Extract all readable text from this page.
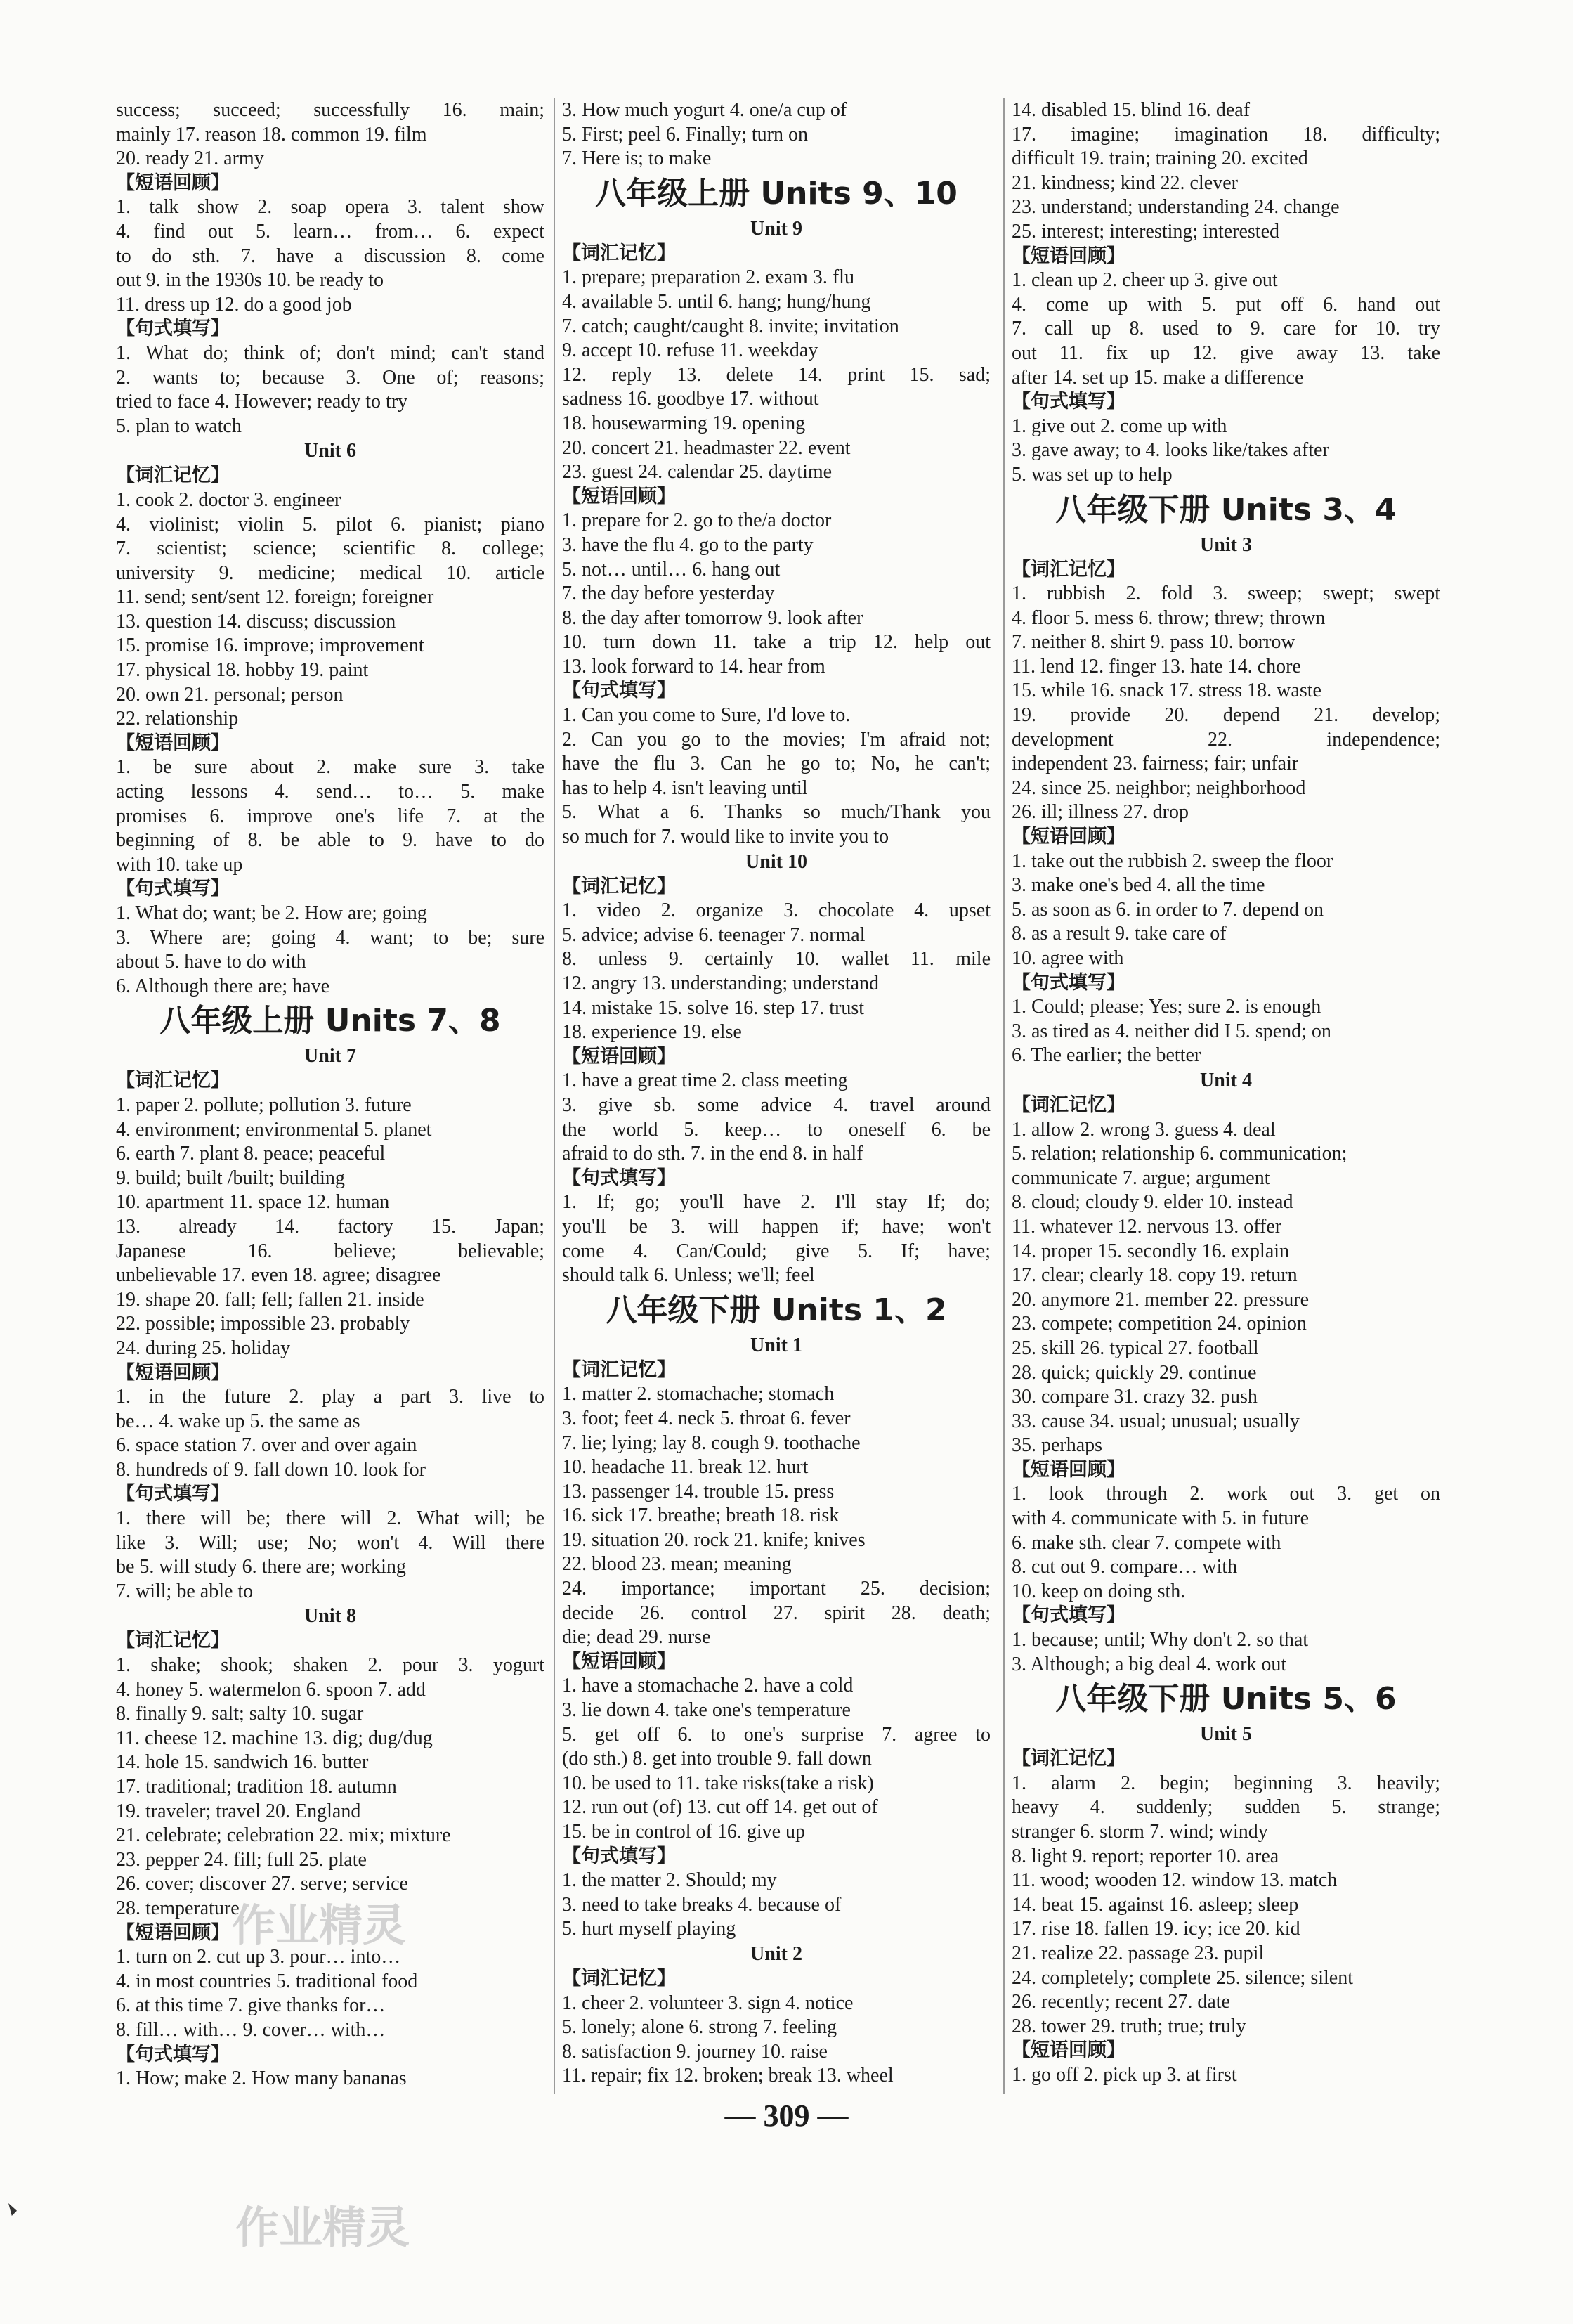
success; succeed; successfully 16. main;
mainly 17. reason 18. common 19. film
20. ready 21. army
【短语回顾】
1. talk show 2. soap opera 3. talent show
4. find out 5. learn… from… 6. expect
to do sth. 7. have a discussion 8. come
out 9. in the 1930s 10. be ready to
11. dress up 12. do a good job
【句式填写】
1. What do; think of; don't mind; can't stand
2. wants to; because 3. One of; reasons;
tried to face 4. However; ready to try
5. plan to watch
Unit 6
【词汇记忆】
1. cook 2. doctor 3. engineer
4. violinist; violin 5. pilot 6. pianist; piano
7. scientist; science; scientific 8. college;
university 9. medicine; medical 10. article
11. send; sent/sent 12. foreign; foreigner
13. question 14. discuss; discussion
15. promise 16. improve; improvement
17. physical 18. hobby 19. paint
20. own 21. personal; person
22. relationship
【短语回顾】
1. be sure about 2. make sure 3. take
acting lessons 4. send… to… 5. make
promises 6. improve one's life 7. at the
beginning of 8. be able to 9. have to do
with 10. take up
【句式填写】
1. What do; want; be 2. How are; going
3. Where are; going 4. want; to be; sure
about 5. have to do with
6. Although there are; have
八年级上册 Units 7、8
Unit 7
【词汇记忆】
1. paper 2. pollute; pollution 3. future
4. environment; environmental 5. planet
6. earth 7. plant 8. peace; peaceful
9. build; built /built; building
10. apartment 11. space 12. human
13. already 14. factory 15. Japan;
Japanese 16. believe; believable;
unbelievable 17. even 18. agree; disagree
19. shape 20. fall; fell; fallen 21. inside
22. possible; impossible 23. probably
24. during 25. holiday
【短语回顾】
1. in the future 2. play a part 3. live to
be… 4. wake up 5. the same as
6. space station 7. over and over again
8. hundreds of 9. fall down 10. look for
【句式填写】
1. there will be; there will 2. What will; be
like 3. Will; use; No; won't 4. Will there
be 5. will study 6. there are; working
7. will; be able to
Unit 8
【词汇记忆】
1. shake; shook; shaken 2. pour 3. yogurt
4. honey 5. watermelon 6. spoon 7. add
8. finally 9. salt; salty 10. sugar
11. cheese 12. machine 13. dig; dug/dug
14. hole 15. sandwich 16. butter
17. traditional; tradition 18. autumn
19. traveler; travel 20. England
21. celebrate; celebration 22. mix; mixture
23. pepper 24. fill; full 25. plate
26. cover; discover 27. serve; service
28. temperature
【短语回顾】
1. turn on 2. cut up 3. pour… into…
4. in most countries 5. traditional food
6. at this time 7. give thanks for…
8. fill… with… 9. cover… with…
【句式填写】
1. How; make 2. How many bananas
3. How much yogurt 4. one/a cup of
5. First; peel 6. Finally; turn on
7. Here is; to make
八年级上册 Units 9、10
Unit 9
【词汇记忆】
1. prepare; preparation 2. exam 3. flu
4. available 5. until 6. hang; hung/hung
7. catch; caught/caught 8. invite; invitation
9. accept 10. refuse 11. weekday
12. reply 13. delete 14. print 15. sad;
sadness 16. goodbye 17. without
18. housewarming 19. opening
20. concert 21. headmaster 22. event
23. guest 24. calendar 25. daytime
【短语回顾】
1. prepare for 2. go to the/a doctor
3. have the flu 4. go to the party
5. not… until… 6. hang out
7. the day before yesterday
8. the day after tomorrow 9. look after
10. turn down 11. take a trip 12. help out
13. look forward to 14. hear from
【句式填写】
1. Can you come to Sure, I'd love to.
2. Can you go to the movies; I'm afraid not;
have the flu 3. Can he go to; No, he can't;
has to help 4. isn't leaving until
5. What a 6. Thanks so much/Thank you
so much for 7. would like to invite you to
Unit 10
【词汇记忆】
1. video 2. organize 3. chocolate 4. upset
5. advice; advise 6. teenager 7. normal
8. unless 9. certainly 10. wallet 11. mile
12. angry 13. understanding; understand
14. mistake 15. solve 16. step 17. trust
18. experience 19. else
【短语回顾】
1. have a great time 2. class meeting
3. give sb. some advice 4. travel around
the world 5. keep… to oneself 6. be
afraid to do sth. 7. in the end 8. in half
【句式填写】
1. If; go; you'll have 2. I'll stay If; do;
you'll be 3. will happen if; have; won't
come 4. Can/Could; give 5. If; have;
should talk 6. Unless; we'll; feel
八年级下册 Units 1、2
Unit 1
【词汇记忆】
1. matter 2. stomachache; stomach
3. foot; feet 4. neck 5. throat 6. fever
7. lie; lying; lay 8. cough 9. toothache
10. headache 11. break 12. hurt
13. passenger 14. trouble 15. press
16. sick 17. breathe; breath 18. risk
19. situation 20. rock 21. knife; knives
22. blood 23. mean; meaning
24. importance; important 25. decision;
decide 26. control 27. spirit 28. death;
die; dead 29. nurse
【短语回顾】
1. have a stomachache 2. have a cold
3. lie down 4. take one's temperature
5. get off 6. to one's surprise 7. agree to
(do sth.) 8. get into trouble 9. fall down
10. be used to 11. take risks(take a risk)
12. run out (of) 13. cut off 14. get out of
15. be in control of 16. give up
【句式填写】
1. the matter 2. Should; my
3. need to take breaks 4. because of
5. hurt myself playing
Unit 2
【词汇记忆】
1. cheer 2. volunteer 3. sign 4. notice
5. lonely; alone 6. strong 7. feeling
8. satisfaction 9. journey 10. raise
11. repair; fix 12. broken; break 13. wheel
14. disabled 15. blind 16. deaf
17. imagine; imagination 18. difficulty;
difficult 19. train; training 20. excited
21. kindness; kind 22. clever
23. understand; understanding 24. change
25. interest; interesting; interested
【短语回顾】
1. clean up 2. cheer up 3. give out
4. come up with 5. put off 6. hand out
7. call up 8. used to 9. care for 10. try
out 11. fix up 12. give away 13. take
after 14. set up 15. make a difference
【句式填写】
1. give out 2. come up with
3. gave away; to 4. looks like/takes after
5. was set up to help
八年级下册 Units 3、4
Unit 3
【词汇记忆】
1. rubbish 2. fold 3. sweep; swept; swept
4. floor 5. mess 6. throw; threw; thrown
7. neither 8. shirt 9. pass 10. borrow
11. lend 12. finger 13. hate 14. chore
15. while 16. snack 17. stress 18. waste
19. provide 20. depend 21. develop;
development 22. independence;
independent 23. fairness; fair; unfair
24. since 25. neighbor; neighborhood
26. ill; illness 27. drop
【短语回顾】
1. take out the rubbish 2. sweep the floor
3. make one's bed 4. all the time
5. as soon as 6. in order to 7. depend on
8. as a result 9. take care of
10. agree with
【句式填写】
1. Could; please; Yes; sure 2. is enough
3. as tired as 4. neither did I 5. spend; on
6. The earlier; the better
Unit 4
【词汇记忆】
1. allow 2. wrong 3. guess 4. deal
5. relation; relationship 6. communication;
communicate 7. argue; argument
8. cloud; cloudy 9. elder 10. instead
11. whatever 12. nervous 13. offer
14. proper 15. secondly 16. explain
17. clear; clearly 18. copy 19. return
20. anymore 21. member 22. pressure
23. compete; competition 24. opinion
25. skill 26. typical 27. football
28. quick; quickly 29. continue
30. compare 31. crazy 32. push
33. cause 34. usual; unusual; usually
35. perhaps
【短语回顾】
1. look through 2. work out 3. get on
with 4. communicate with 5. in future
6. make sth. clear 7. compete with
8. cut out 9. compare… with
10. keep on doing sth.
【句式填写】
1. because; until; Why don't 2. so that
3. Although; a big deal 4. work out
八年级下册 Units 5、6
Unit 5
【词汇记忆】
1. alarm 2. begin; beginning 3. heavily;
heavy 4. suddenly; sudden 5. strange;
stranger 6. storm 7. wind; windy
8. light 9. report; reporter 10. area
11. wood; wooden 12. window 13. match
14. beat 15. against 16. asleep; sleep
17. rise 18. fallen 19. icy; ice 20. kid
21. realize 22. passage 23. pupil
24. completely; complete 25. silence; silent
26. recently; recent 27. date
28. tower 29. truth; true; truly
【短语回顾】
1. go off 2. pick up 3. at first
作业精灵
作业精灵
— 309 —
